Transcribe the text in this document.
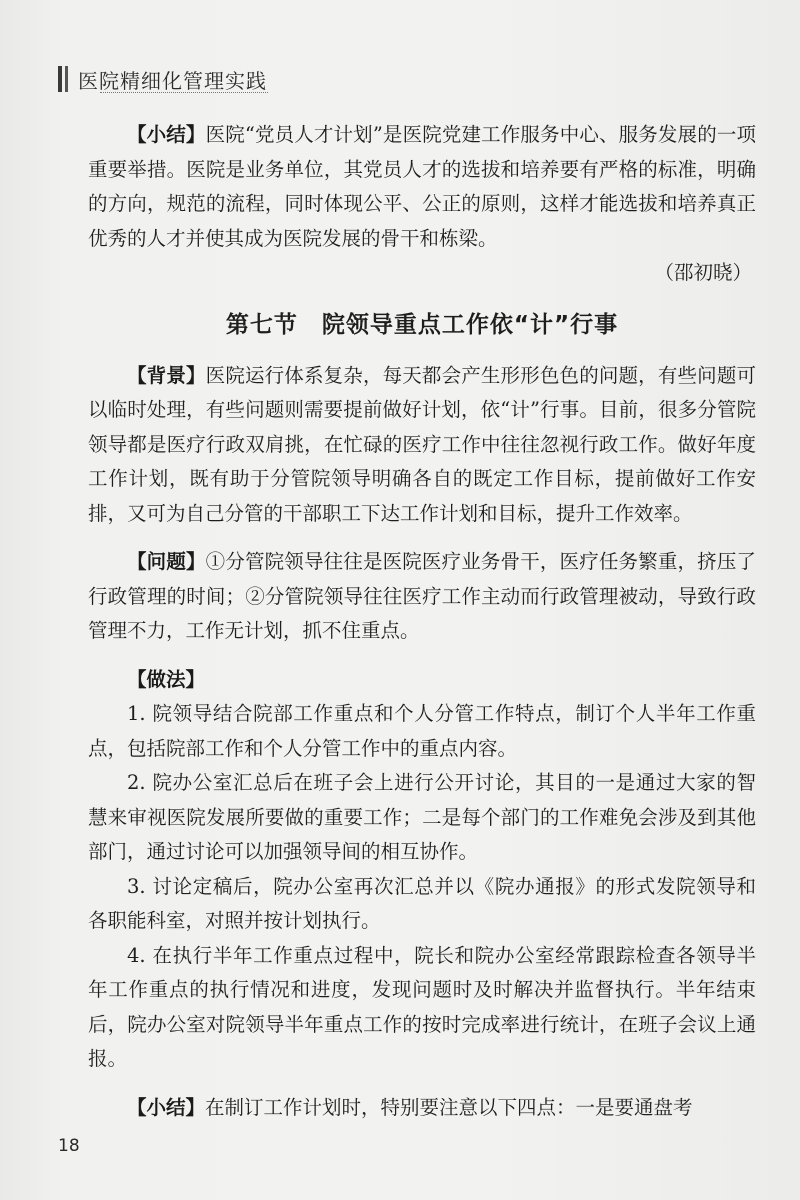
医院精细化管理实践

【小结】医院“党员人才计划”是医院党建工作服务中心、服务发展的一项重要举措。医院是业务单位，其党员人才的选拔和培养要有严格的标准，明确的方向，规范的流程，同时体现公平、公正的原则，这样才能选拔和培养真正优秀的人才并使其成为医院发展的骨干和栋梁。

（邵初晓）

第七节　院领导重点工作依“计”行事

【背景】医院运行体系复杂，每天都会产生形形色色的问题，有些问题可以临时处理，有些问题则需要提前做好计划，依“计”行事。目前，很多分管院领导都是医疗行政双肩挑，在忙碌的医疗工作中往往忽视行政工作。做好年度工作计划，既有助于分管院领导明确各自的既定工作目标，提前做好工作安排，又可为自己分管的干部职工下达工作计划和目标，提升工作效率。

【问题】①分管院领导往往是医院医疗业务骨干，医疗任务繁重，挤压了行政管理的时间；②分管院领导往往医疗工作主动而行政管理被动，导致行政管理不力，工作无计划，抓不住重点。

【做法】

1. 院领导结合院部工作重点和个人分管工作特点，制订个人半年工作重点，包括院部工作和个人分管工作中的重点内容。

2. 院办公室汇总后在班子会上进行公开讨论，其目的一是通过大家的智慧来审视医院发展所要做的重要工作；二是每个部门的工作难免会涉及到其他部门，通过讨论可以加强领导间的相互协作。

3. 讨论定稿后，院办公室再次汇总并以《院办通报》的形式发院领导和各职能科室，对照并按计划执行。

4. 在执行半年工作重点过程中，院长和院办公室经常跟踪检查各领导半年工作重点的执行情况和进度，发现问题时及时解决并监督执行。半年结束后，院办公室对院领导半年重点工作的按时完成率进行统计，在班子会议上通报。

【小结】在制订工作计划时，特别要注意以下四点：一是要通盘考

18
